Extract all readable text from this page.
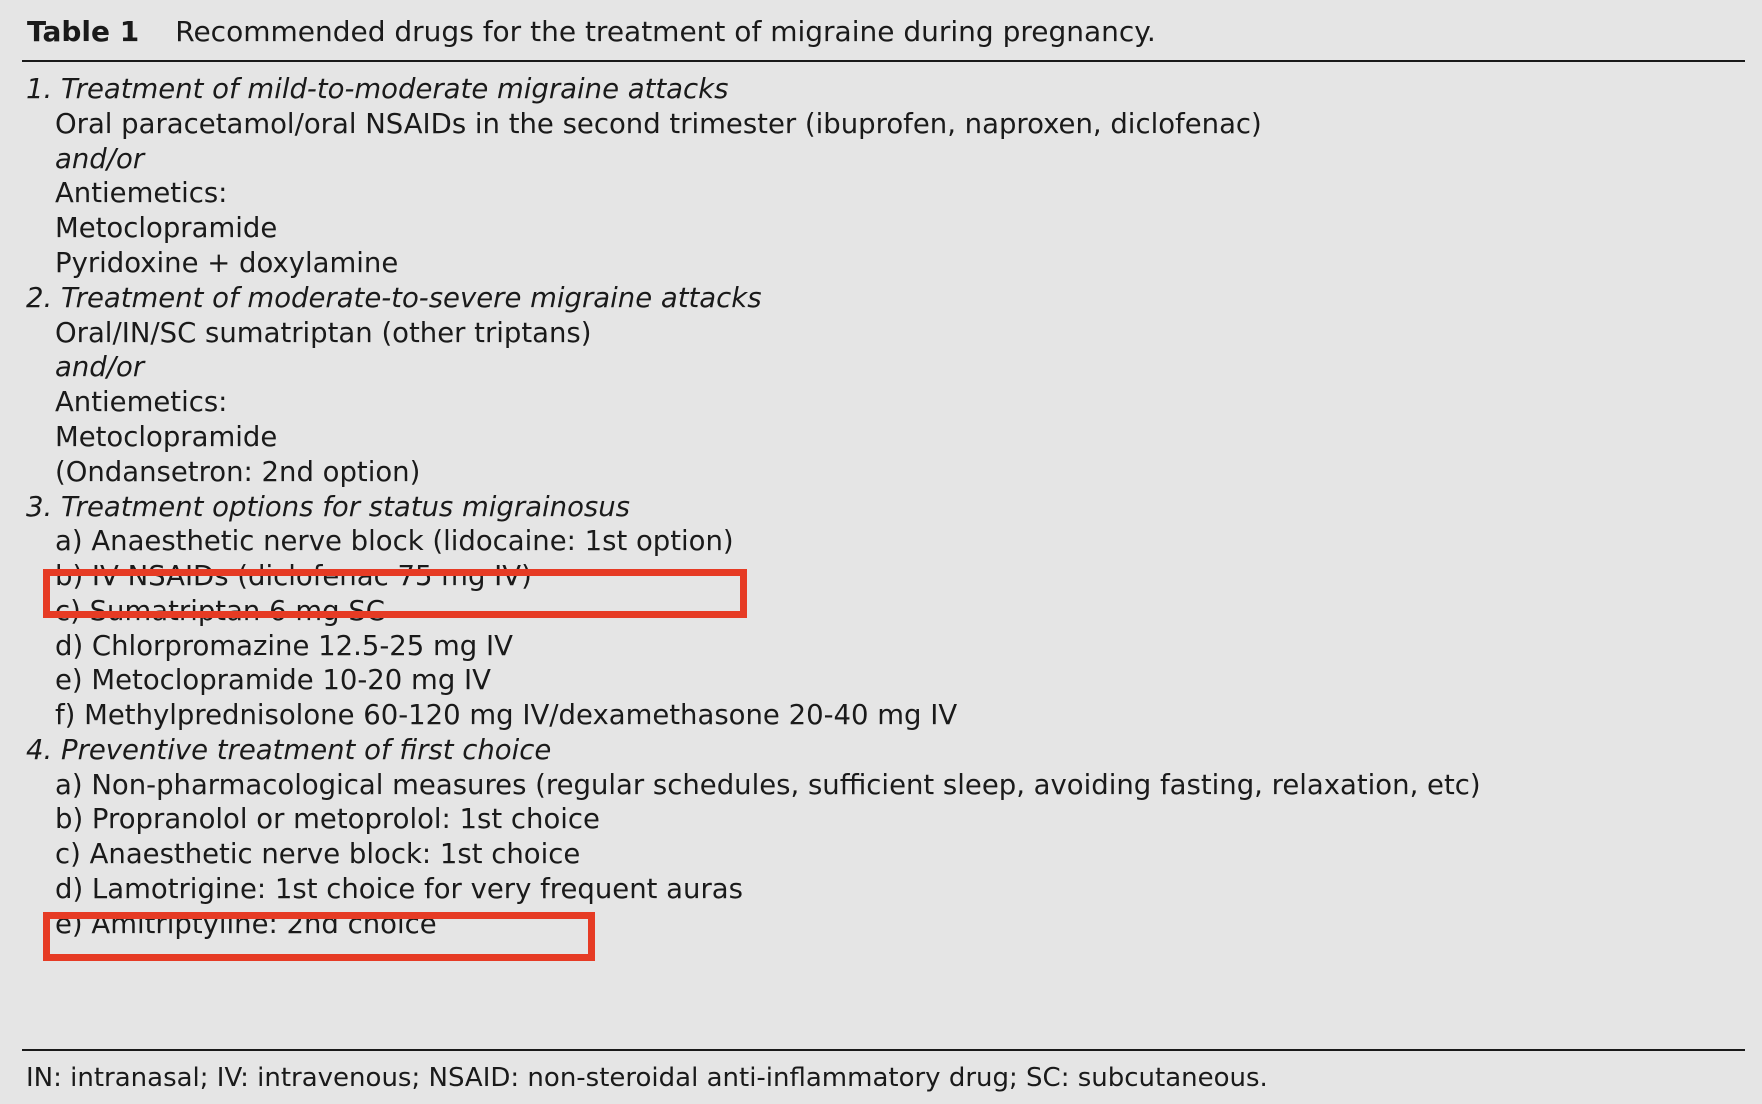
Table 1 Recommended drugs for the treatment of migraine during pregnancy.
1. Treatment of mild-to-moderate migraine attacks
Oral paracetamol/oral NSAIDs in the second trimester (ibuprofen, naproxen, diclofenac)
and/or
Antiemetics:
Metoclopramide
Pyridoxine + doxylamine
2. Treatment of moderate-to-severe migraine attacks
Oral/IN/SC sumatriptan (other triptans)
and/or
Antiemetics:
Metoclopramide
(Ondansetron: 2nd option)
3. Treatment options for status migrainosus
a) Anaesthetic nerve block (lidocaine: 1st option)
b) IV NSAIDs (diclofenac 75 mg IV)
c) Sumatriptan 6 mg SC
d) Chlorpromazine 12.5-25 mg IV
e) Metoclopramide 10-20 mg IV
f) Methylprednisolone 60-120 mg IV/dexamethasone 20-40 mg IV
4. Preventive treatment of first choice
a) Non-pharmacological measures (regular schedules, sufficient sleep, avoiding fasting, relaxation, etc)
b) Propranolol or metoprolol: 1st choice
c) Anaesthetic nerve block: 1st choice
d) Lamotrigine: 1st choice for very frequent auras
e) Amitriptyline: 2nd choice
IN: intranasal; IV: intravenous; NSAID: non-steroidal anti-inflammatory drug; SC: subcutaneous.
